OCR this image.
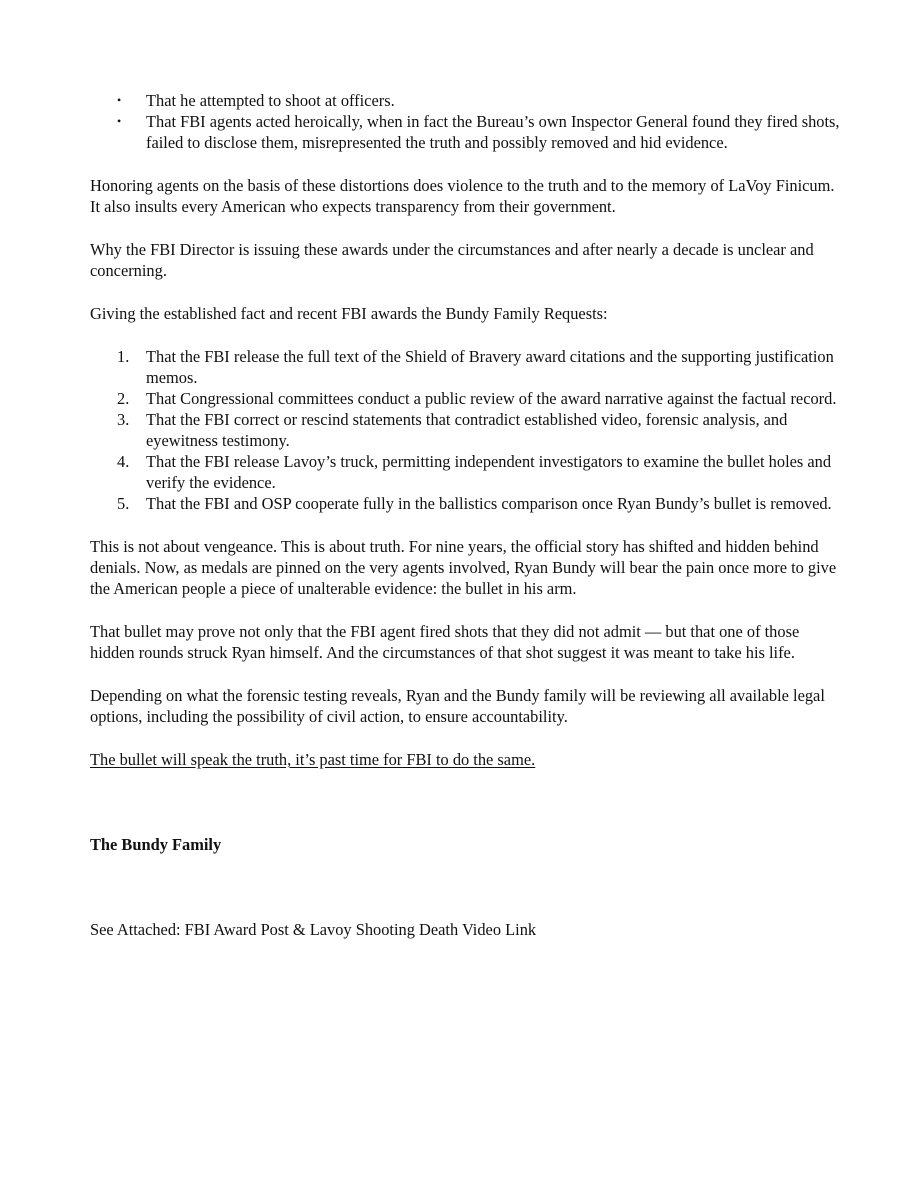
• That he attempted to shoot at officers.
• That FBI agents acted heroically, when in fact the Bureau’s own Inspector General found they fired shots, failed to disclose them, misrepresented the truth and possibly removed and hid evidence.

Honoring agents on the basis of these distortions does violence to the truth and to the memory of LaVoy Finicum. It also insults every American who expects transparency from their government.

Why the FBI Director is issuing these awards under the circumstances and after nearly a decade is unclear and concerning.

Giving the established fact and recent FBI awards the Bundy Family Requests:

1. That the FBI release the full text of the Shield of Bravery award citations and the supporting justification memos.
2. That Congressional committees conduct a public review of the award narrative against the factual record.
3. That the FBI correct or rescind statements that contradict established video, forensic analysis, and eyewitness testimony.
4. That the FBI release Lavoy’s truck, permitting independent investigators to examine the bullet holes and verify the evidence.
5. That the FBI and OSP cooperate fully in the ballistics comparison once Ryan Bundy’s bullet is removed.

This is not about vengeance. This is about truth. For nine years, the official story has shifted and hidden behind denials. Now, as medals are pinned on the very agents involved, Ryan Bundy will bear the pain once more to give the American people a piece of unalterable evidence: the bullet in his arm.

That bullet may prove not only that the FBI agent fired shots that they did not admit — but that one of those hidden rounds struck Ryan himself. And the circumstances of that shot suggest it was meant to take his life.

Depending on what the forensic testing reveals, Ryan and the Bundy family will be reviewing all available legal options, including the possibility of civil action, to ensure accountability.

The bullet will speak the truth, it’s past time for FBI to do the same.

The Bundy Family

See Attached: FBI Award Post & Lavoy Shooting Death Video Link
